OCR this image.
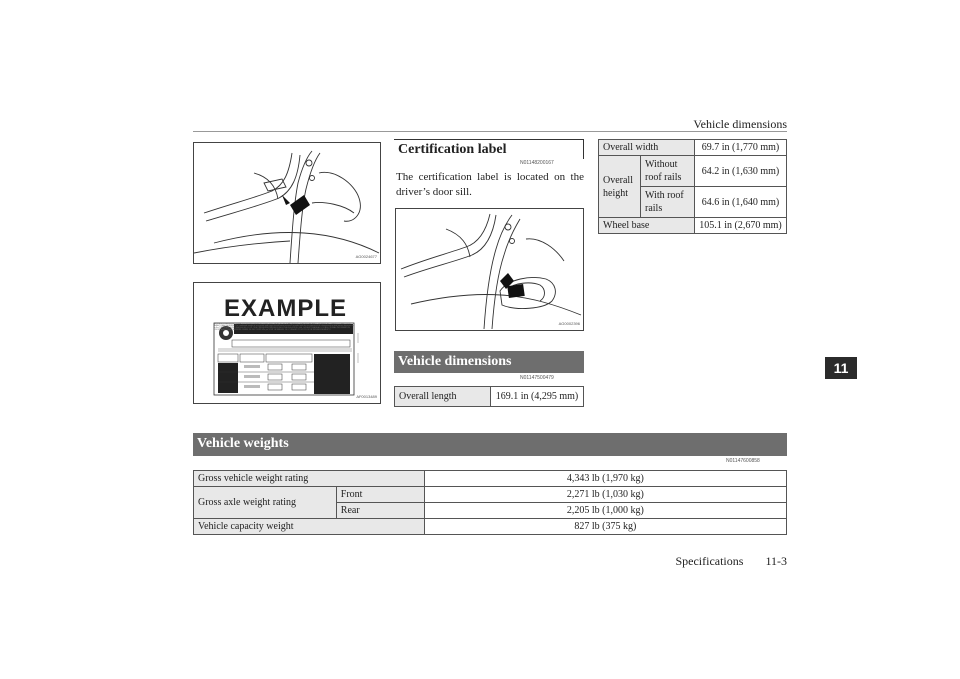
Vehicle dimensions
AG0024677
EXAMPLE
TIRE AND LOADING INFORMATION RENSEIGNEMENTS SUR LES PNEUS ET LE CHARGEMENT SEATING CAPACITY NOMBRE DE PLACES TOTAL FRONT AVANT REAR ARRIÈRE The combined weight of occupants and cargo should never exceed Le poids total des occupants et du chargement ne doit jamais dépasser kg or lbs TIRE PNEU SIZE DIMENSIONS COLD TIRE PRESSURE PRESSION DES PNEUS À FROID SEE OWNER'S MANUAL FOR ADDITIONAL INFORMATION FRONT AVANT REAR ARRIÈRE SPARE DE SECOURS kPa psi VOIR LE MANUEL DE L'USAGER POUR PLUS DE RENSEIGNEMENTS
AF0013489
Certification label
N01148200167
The certification label is located on the driver’s door sill.
AG0002396
Vehicle dimensions
N01147500479
Overall length	169.1 in (4,295 mm)
Overall width		69.7 in (1,770 mm)
Overall height	Without roof rails	64.2 in (1,630 mm)
	With roof rails	64.6 in (1,640 mm)
Wheel base		105.1 in (2,670 mm)
11
Vehicle weights
N01147600858
Gross vehicle weight rating		4,343 lb (1,970 kg)
Gross axle weight rating	Front	2,271 lb (1,030 kg)
	Rear	2,205 lb (1,000 kg)
Vehicle capacity weight		827 lb (375 kg)
Specifications 11-3
